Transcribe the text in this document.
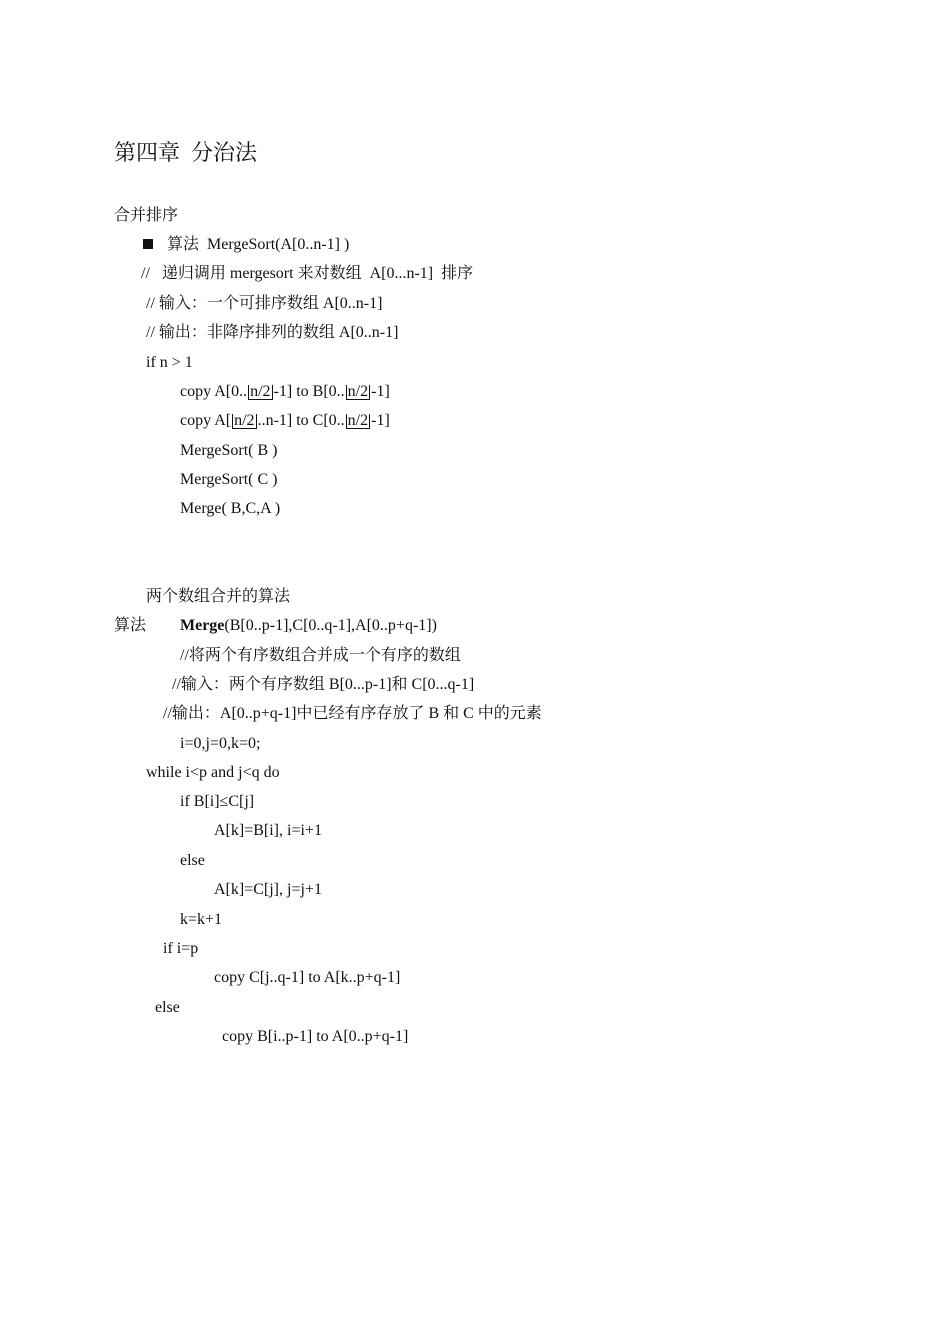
第四章  分治法
合并排序
算法  MergeSort(A[0..n-1] )
//   递归调用 mergesort 来对数组  A[0...n-1]  排序
// 输入：一个可排序数组 A[0..n-1]
// 输出：非降序排列的数组 A[0..n-1]
if n > 1
copy A[0.. n/2 -1] to B[0.. n/2 -1]
copy A[ n/2 ..n-1] to C[0.. n/2 -1]
MergeSort( B )
MergeSort( C )
Merge( B,C,A )
两个数组合并的算法
算法 Merge(B[0..p-1],C[0..q-1],A[0..p+q-1])
//将两个有序数组合并成一个有序的数组
//输入：两个有序数组 B[0...p-1]和 C[0...q-1]
//输出：A[0..p+q-1]中已经有序存放了 B 和 C 中的元素
i=0,j=0,k=0;
while i<p and j<q do
if B[i]≤C[j]
A[k]=B[i], i=i+1
else
A[k]=C[j], j=j+1
k=k+1
if i=p
copy C[j..q-1] to A[k..p+q-1]
else
copy B[i..p-1] to A[0..p+q-1]
